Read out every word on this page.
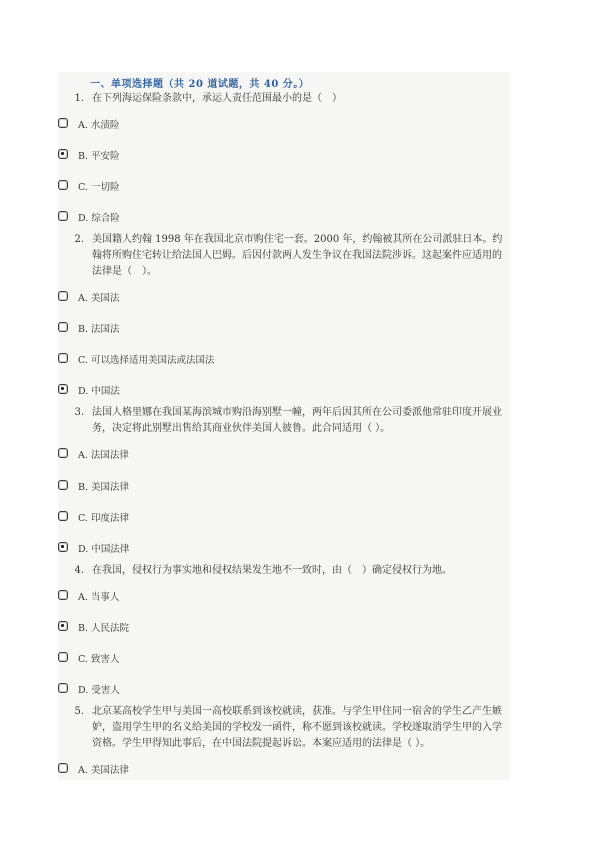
一、单项选择题（共 20 道试题，共 40 分。）
1. 在下列海运保险条款中，承运人责任范围最小的是（　）
A. 水渍险
B. 平安险
C. 一切险
D. 综合险
2. 美国籍人约翰 1998 年在我国北京市购住宅一套。2000 年，约翰被其所在公司派驻日本。约翰将所购住宅转让给法国人巴姆。后因付款两人发生争议在我国法院涉诉。这起案件应适用的法律是（　）。
A. 美国法
B. 法国法
C. 可以选择适用美国法或法国法
D. 中国法
3. 法国人格里娜在我国某海滨城市购沿海别墅一幢，两年后因其所在公司委派他常驻印度开展业务，决定将此别墅出售给其商业伙伴美国人彼鲁。此合同适用（ ）。
A. 法国法律
B. 美国法律
C. 印度法律
D. 中国法律
4. 在我国，侵权行为事实地和侵权结果发生地不一致时，由（　）确定侵权行为地。
A. 当事人
B. 人民法院
C. 致害人
D. 受害人
5. 北京某高校学生甲与美国一高校联系到该校就读，获准。与学生甲住同一宿舍的学生乙产生嫉妒，盗用学生甲的名义给美国的学校发一函件，称不愿到该校就读。学校遂取消学生甲的入学资格。学生甲得知此事后，在中国法院提起诉讼。本案应适用的法律是（ ）。
A. 美国法律
